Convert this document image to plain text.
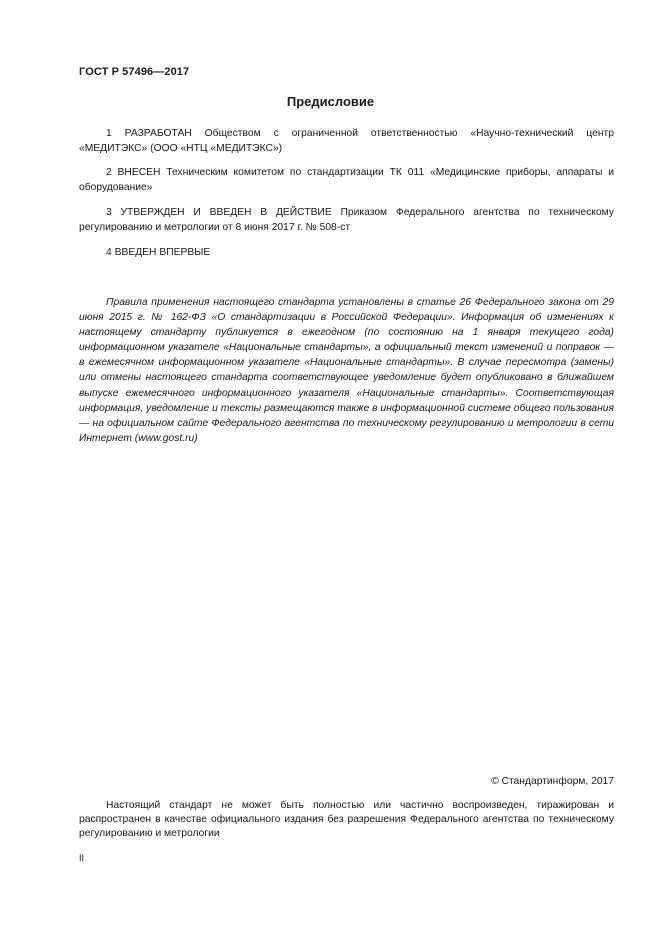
ГОСТ Р 57496—2017
Предисловие
1 РАЗРАБОТАН Обществом с ограниченной ответственностью «Научно-технический центр «МЕДИТЭКС» (ООО «НТЦ «МЕДИТЭКС»)
2 ВНЕСЕН Техническим комитетом по стандартизации ТК 011 «Медицинские приборы, аппараты и оборудование»
3 УТВЕРЖДЕН И ВВЕДЕН В ДЕЙСТВИЕ Приказом Федерального агентства по техническому регулированию и метрологии от 8 июня 2017 г. № 508-ст
4 ВВЕДЕН ВПЕРВЫЕ
Правила применения настоящего стандарта установлены в статье 26 Федерального закона от 29 июня 2015 г. № 162-ФЗ «О стандартизации в Российской Федерации». Информация об изменениях к настоящему стандарту публикуется в ежегодном (по состоянию на 1 января текущего года) информационном указателе «Национальные стандарты», а официальный текст изменений и поправок — в ежемесячном информационном указателе «Национальные стандарты». В случае пересмотра (замены) или отмены настоящего стандарта соответствующее уведомление будет опубликовано в ближайшем выпуске ежемесячного информационного указателя «Национальные стандарты». Соответствующая информация, уведомление и тексты размещаются также в информационной системе общего пользования — на официальном сайте Федерального агентства по техническому регулированию и метрологии в сети Интернет (www.gost.ru)
© Стандартинформ, 2017
Настоящий стандарт не может быть полностью или частично воспроизведен, тиражирован и распространен в качестве официального издания без разрешения Федерального агентства по техническому регулированию и метрологии
II
